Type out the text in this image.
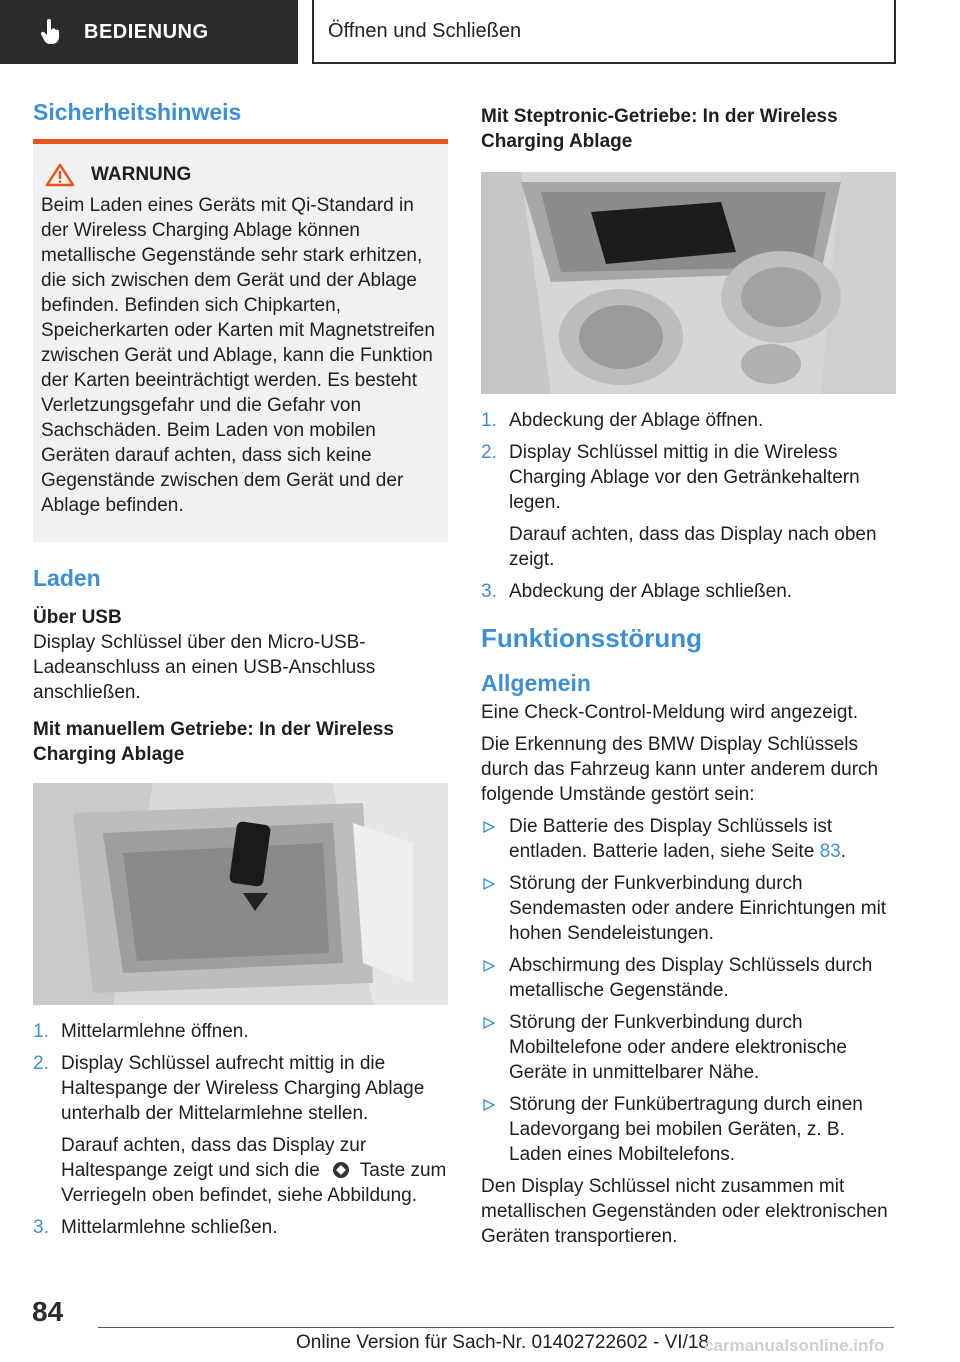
BEDIENUNG	Öffnen und Schließen
Sicherheitshinweis
WARNUNG

Beim Laden eines Geräts mit Qi-Standard in der Wireless Charging Ablage können metallische Gegenstände sehr stark erhitzen, die sich zwischen dem Gerät und der Ablage befinden. Befinden sich Chipkarten, Speicherkarten oder Karten mit Magnetstreifen zwischen Gerät und Ablage, kann die Funktion der Karten beeinträchtigt werden. Es besteht Verletzungsgefahr und die Gefahr von Sachschäden. Beim Laden von mobilen Geräten darauf achten, dass sich keine Gegenstände zwischen dem Gerät und der Ablage befinden.

Laden
Über USB

Display Schlüssel über den Micro-USB-Ladeanschluss an einen USB-Anschluss anschließen.

Mit manuellem Getriebe: In der Wireless Charging Ablage
1. Mittelarmlehne öffnen.
2. Display Schlüssel aufrecht mittig in die Haltespange der Wireless Charging Ablage unterhalb der Mittelarmlehne stellen.
Darauf achten, dass das Display zur Haltespange zeigt und sich die Taste zum Verriegeln oben befindet, siehe Abbildung.
3. Mittelarmlehne schließen.
Mit Steptronic-Getriebe: In der Wireless Charging Ablage
1. Abdeckung der Ablage öffnen.
2. Display Schlüssel mittig in die Wireless Charging Ablage vor den Getränkehaltern legen.
Darauf achten, dass das Display nach oben zeigt.
3. Abdeckung der Ablage schließen.
Funktionsstörung
Allgemein

Eine Check-Control-Meldung wird angezeigt.

Die Erkennung des BMW Display Schlüssels durch das Fahrzeug kann unter anderem durch folgende Umstände gestört sein:

Die Batterie des Display Schlüssels ist entladen. Batterie laden, siehe Seite 83.
Störung der Funkverbindung durch Sendemasten oder andere Einrichtungen mit hohen Sendeleistungen.
Abschirmung des Display Schlüssels durch metallische Gegenstände.
Störung der Funkverbindung durch Mobiltelefone oder andere elektronische Geräte in unmittelbarer Nähe.
Störung der Funkübertragung durch einen Ladevorgang bei mobilen Geräten, z. B. Laden eines Mobiltelefons.

Den Display Schlüssel nicht zusammen mit metallischen Gegenständen oder elektronischen Geräten transportieren.

84
Online Version für Sach-Nr. 01402722602 - VI/18
carmanualsonline.info
